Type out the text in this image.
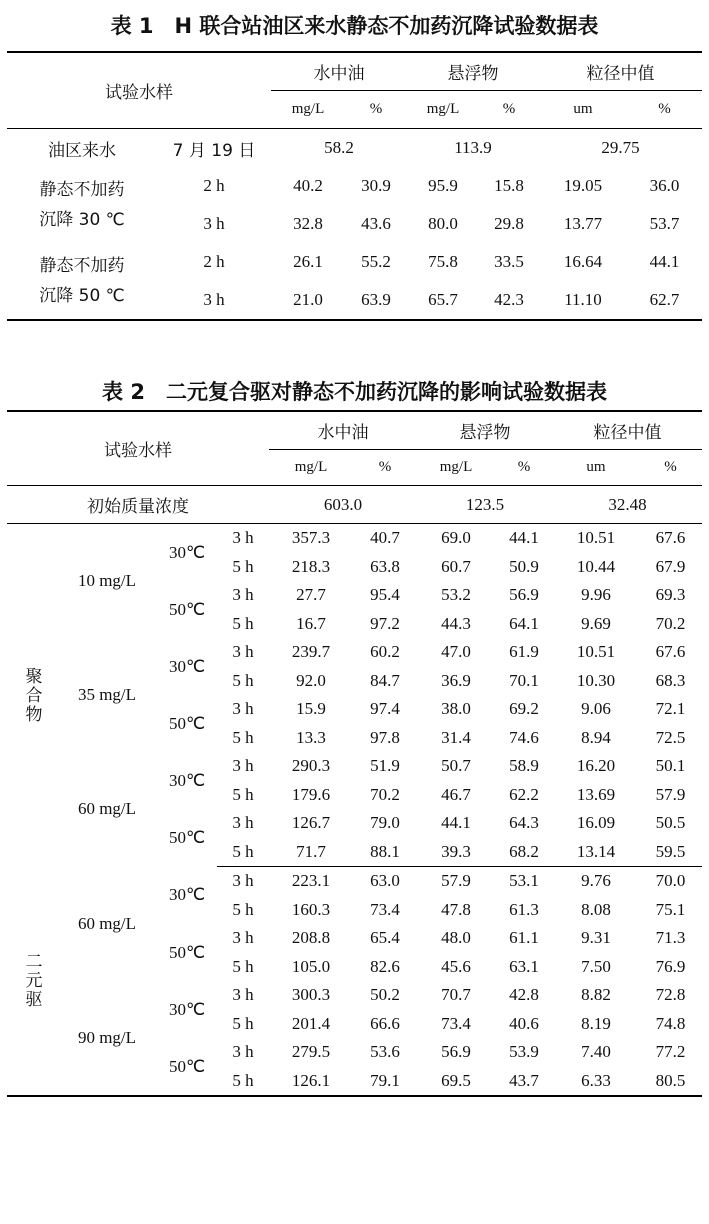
表 1　H 联合站油区来水静态不加药沉降试验数据表
试验水样		水中油		悬浮物		粒径中值	
		mg/L	%	mg/L	%	um	%
油区来水	7 月 19 日	58.2		113.9		29.75	

静态不加药
沉降 30 ℃	2 h	40.2	30.9	95.9	15.8	19.05	36.0
	3 h	32.8	43.6	80.0	29.8	13.77	53.7

静态不加药
沉降 50 ℃	2 h	26.1	55.2	75.8	33.5	16.64	44.1
	3 h	21.0	63.9	65.7	42.3	11.10	62.7
表 2　二元复合驱对静态不加药沉降的影响试验数据表
试验水样				水中油		悬浮物		粒径中值	
				mg/L	%	mg/L	%	um	%
初始质量浓度				603.0		123.5		32.48	
聚合物	10 mg/L	30℃	3 h	357.3	40.7	69.0	44.1	10.51	67.6
			5 h	218.3	63.8	60.7	50.9	10.44	67.9
		50℃	3 h	27.7	95.4	53.2	56.9	9.96	69.3
			5 h	16.7	97.2	44.3	64.1	9.69	70.2
	35 mg/L	30℃	3 h	239.7	60.2	47.0	61.9	10.51	67.6
			5 h	92.0	84.7	36.9	70.1	10.30	68.3
		50℃	3 h	15.9	97.4	38.0	69.2	9.06	72.1
			5 h	13.3	97.8	31.4	74.6	8.94	72.5
	60 mg/L	30℃	3 h	290.3	51.9	50.7	58.9	16.20	50.1
			5 h	179.6	70.2	46.7	62.2	13.69	57.9
		50℃	3 h	126.7	79.0	44.1	64.3	16.09	50.5
			5 h	71.7	88.1	39.3	68.2	13.14	59.5
二元驱	60 mg/L	30℃	3 h	223.1	63.0	57.9	53.1	9.76	70.0
			5 h	160.3	73.4	47.8	61.3	8.08	75.1
		50℃	3 h	208.8	65.4	48.0	61.1	9.31	71.3
			5 h	105.0	82.6	45.6	63.1	7.50	76.9
	90 mg/L	30℃	3 h	300.3	50.2	70.7	42.8	8.82	72.8
			5 h	201.4	66.6	73.4	40.6	8.19	74.8
		50℃	3 h	279.5	53.6	56.9	53.9	7.40	77.2
			5 h	126.1	79.1	69.5	43.7	6.33	80.5
